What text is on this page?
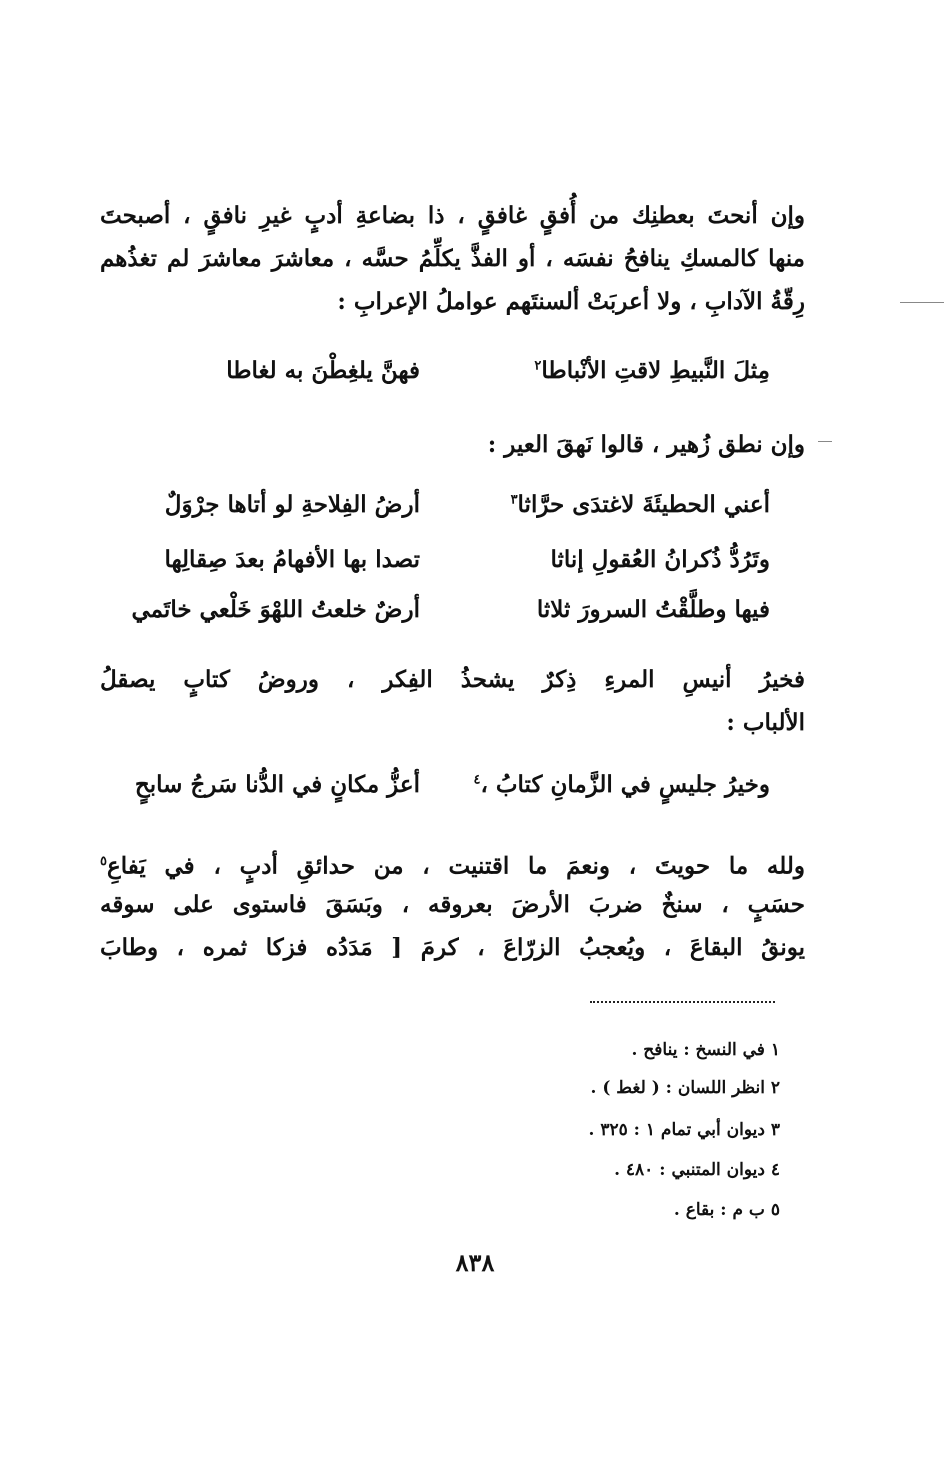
وإن أنحتَ بعطنِك من أُفقٍ غافقٍ ، ذا بضاعةِ أدبٍ غيرِ نافقٍ ، أصبحتَ
منها كالمسكِ ينافحُ نفسَه ، أو الفذَّ يكلِّمُ حسَّه ، معاشرَ معاشرَ لم تغذُهم
رِقّةُ الآدابِ ، ولا أعربَتْ ألسنتَهم عواملُ الإعرابِ :
فهنَّ يلغِطْنَ به لغاطا	مِثلَ النَّبيطِ لاقتِ الأنْباطا$^٢$
وإن نطق زُهير ، قالوا نَهقَ العير :
أرضُ الفِلاحةِ لو أتاها جرْوَلٌ	أعني الحطيئَةَ لاغتدَى حرَّاثا$^٣$
تصدا بها الأفهامُ بعدَ صِقالِها	وتَرُدُّ ذُكرانُ العُقولِ إناثا
أرضٌ خلعتُ اللهْوَ خَلْعي خاتَمي	فيها وطلَّقْتُ السرورَ ثلاثا
فخيرُ أنيسِ المرءِ ذِكرٌ يشحذُ الفِكر ، وروضُ كتابٍ يصقلُ
الألباب :
أعزُّ مكانٍ في الدُّنا سَرجُ سابحٍ	وخيرُ جليسٍ في الزَّمانِ كتابُ ،$^٤$
ولله ما حويتَ ، ونعمَ ما اقتنيت ، من حدائقِ أدبٍ ، في يَفاعِ$^٥$
حسَبٍ ، سنخٌ ضربَ الأرضَ بعروقه ، وبَسَقَ فاستوى على سوقه
يونقُ البقاعَ ، ويُعجبُ الزرّاعَ ، كرمَ [ مَدَدُه فزكا ثمره ، وطابَ
١ في النسخ : ينافح .
٢ انظر اللسان : ( لغط ) .
٣ ديوان أبي تمام ١ : ٣٢٥ .
٤ ديوان المتنبي : ٤٨٠ .
٥ ب م : بقاع .
٨٣٨
